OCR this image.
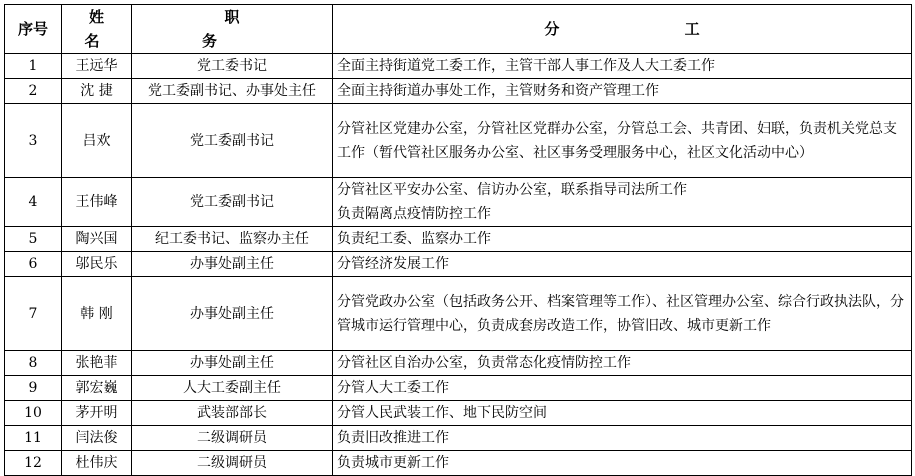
序号	姓 名	职 务	分 工
1	王远华	党工委书记	全面主持街道党工委工作，主管干部人事工作及人大工委工作
2	沈 捷	党工委副书记、办事处主任	全面主持街道办事处工作，主管财务和资产管理工作
3	吕欢	党工委副书记	分管社区党建办公室，分管社区党群办公室，分管总工会、共青团、妇联，负责机关党总支工作（暂代管社区服务办公室、社区事务受理服务中心，社区文化活动中心）
4	王伟峰	党工委副书记	分管社区平安办公室、信访办公室，联系指导司法所工作
负责隔离点疫情防控工作
5	陶兴国	纪工委书记、监察办主任	负责纪工委、监察办工作
6	邬民乐	办事处副主任	分管经济发展工作
7	韩 刚	办事处副主任	分管党政办公室（包括政务公开、档案管理等工作）、社区管理办公室、综合行政执法队，分管城市运行管理中心，负责成套房改造工作，协管旧改、城市更新工作
8	张艳菲	办事处副主任	分管社区自治办公室，负责常态化疫情防控工作
9	郭宏巍	人大工委副主任	分管人大工委工作
10	茅开明	武装部部长	分管人民武装工作、地下民防空间
11	闫法俊	二级调研员	负责旧改推进工作
12	杜伟庆	二级调研员	负责城市更新工作
